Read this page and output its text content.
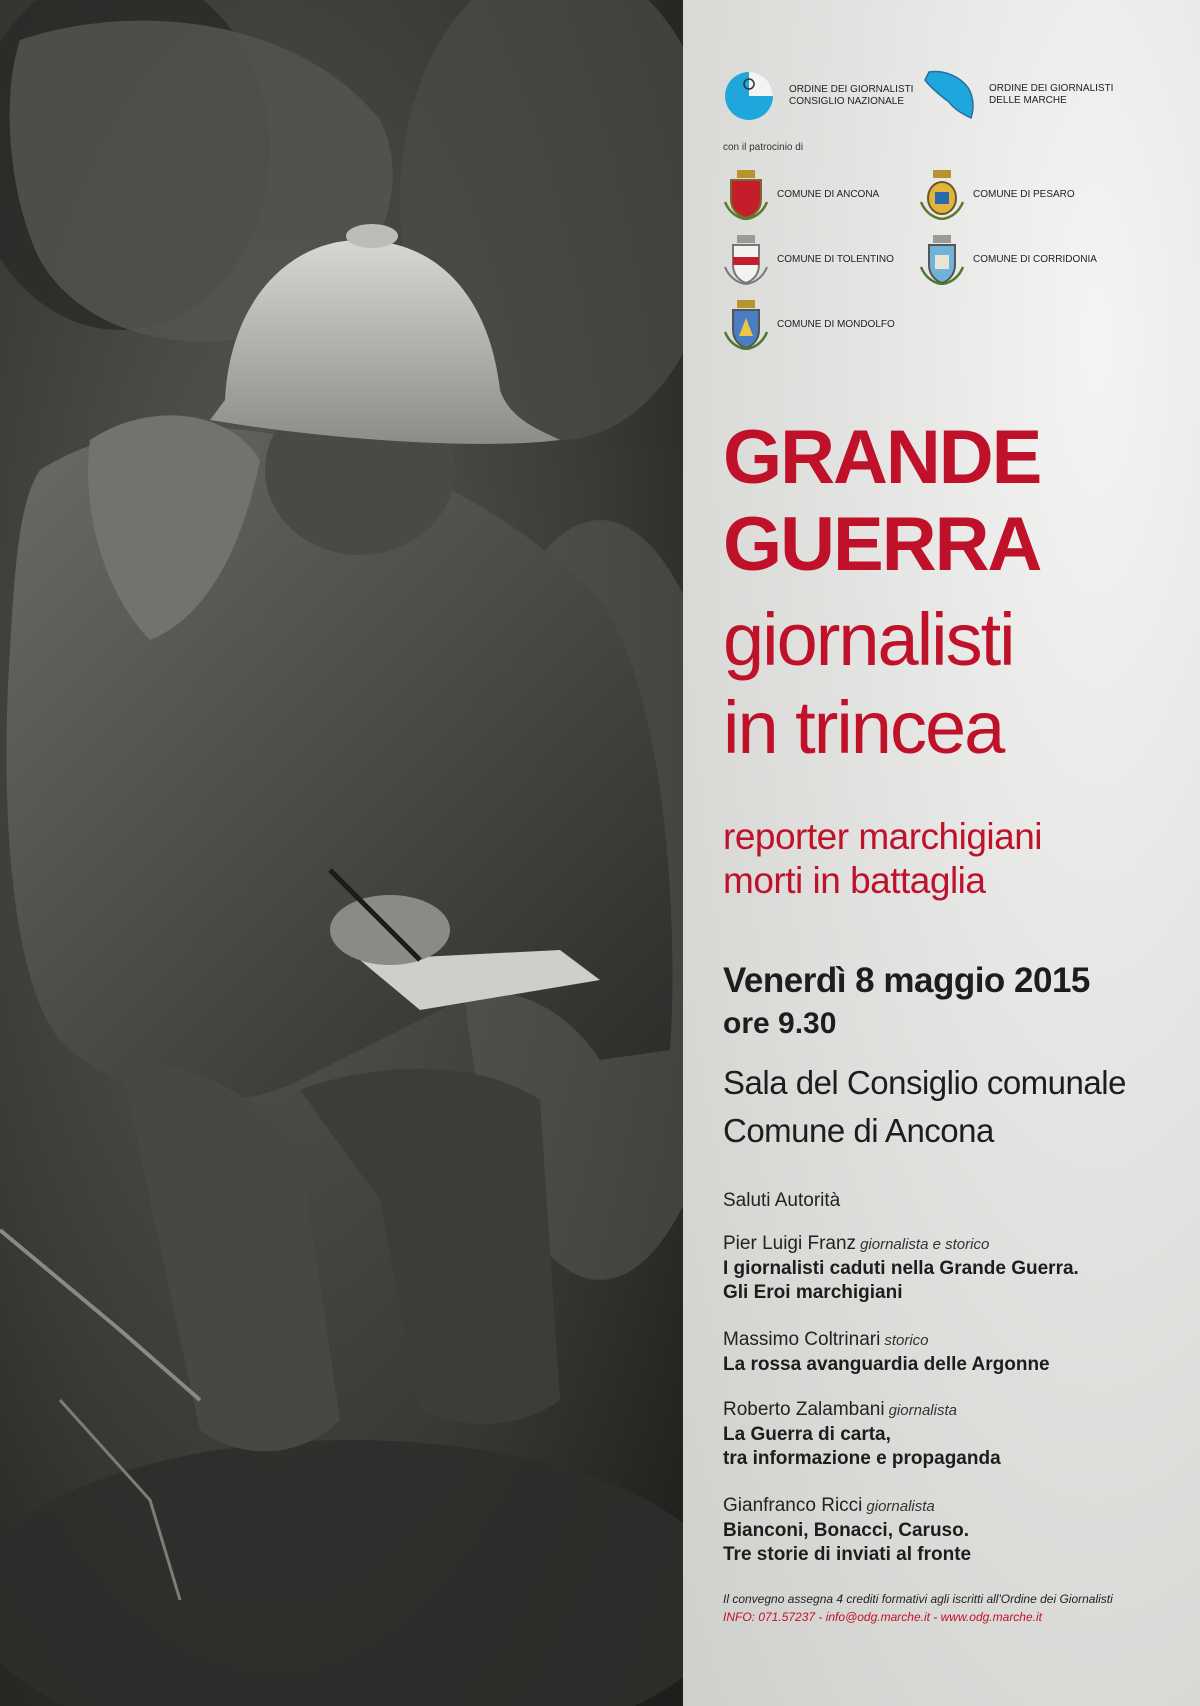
ORDINE DEI GIORNALISTI
CONSIGLIO NAZIONALE
ORDINE DEI GIORNALISTI
DELLE MARCHE
con il patrocinio di
COMUNE DI ANCONA	COMUNE DI PESARO
COMUNE DI TOLENTINO	COMUNE DI CORRIDONIA
COMUNE DI MONDOLFO
GRANDE
GUERRA
giornalisti
in trincea
reporter marchigiani
morti in battaglia
Venerdì 8 maggio 2015
ore 9.30
Sala del Consiglio comunale
Comune di Ancona
Saluti Autorità
Pier Luigi Franz giornalista e storico
I giornalisti caduti nella Grande Guerra.
Gli Eroi marchigiani
Massimo Coltrinari storico
La rossa avanguardia delle Argonne
Roberto Zalambani giornalista
La Guerra di carta,
tra informazione e propaganda
Gianfranco Ricci giornalista
Bianconi, Bonacci, Caruso.
Tre storie di inviati al fronte
Il convegno assegna 4 crediti formativi agli iscritti all'Ordine dei Giornalisti
INFO: 071.57237 - info@odg.marche.it - www.odg.marche.it
